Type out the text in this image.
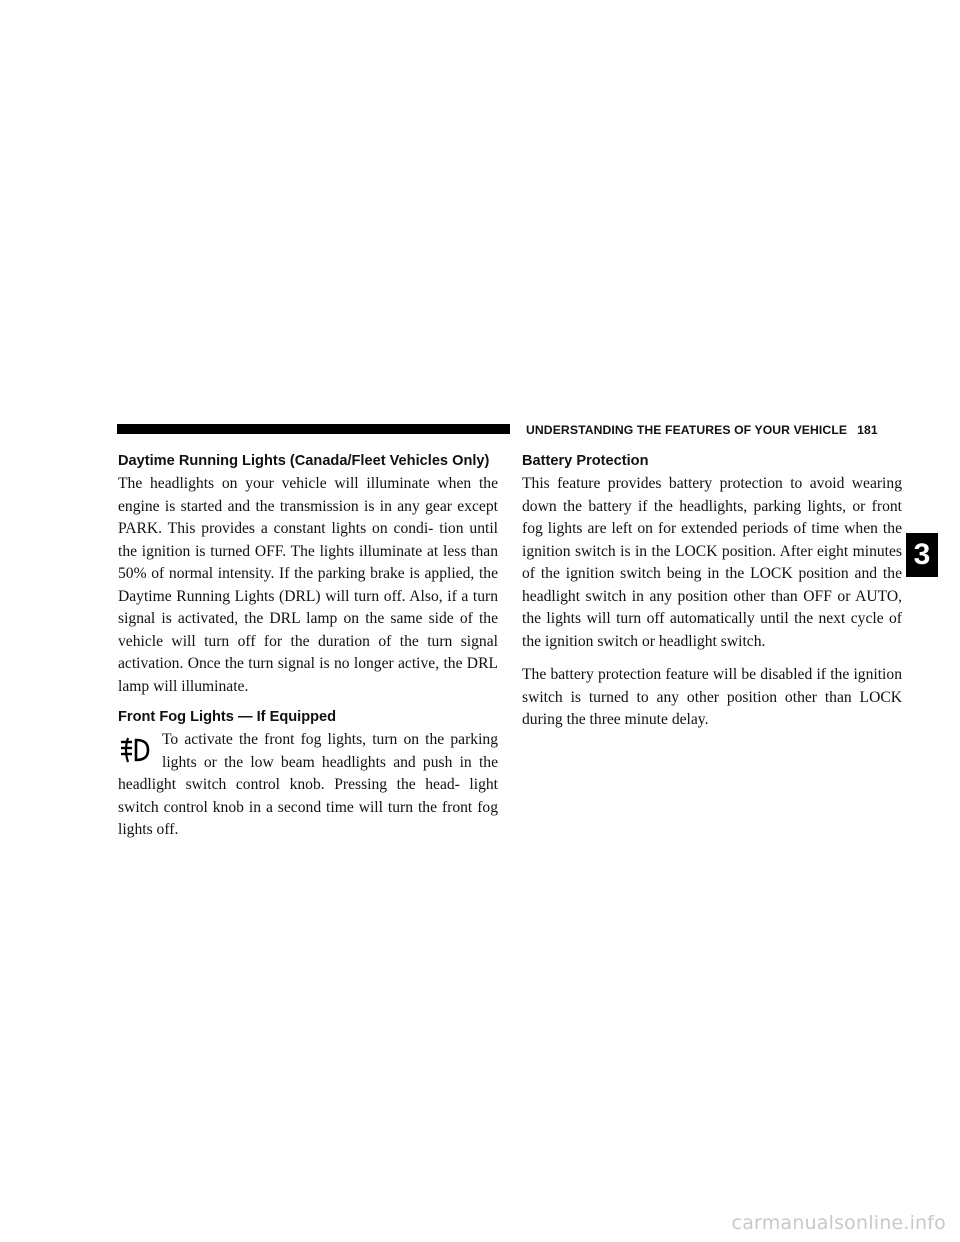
UNDERSTANDING THE FEATURES OF YOUR VEHICLE 181
Daytime Running Lights (Canada/Fleet Vehicles Only)

The headlights on your vehicle will illuminate when the engine is started and the transmission is in any gear except PARK. This provides a constant lights on condi- tion until the ignition is turned OFF. The lights illuminate at less than 50% of normal intensity. If the parking brake is applied, the Daytime Running Lights (DRL) will turn off. Also, if a turn signal is activated, the DRL lamp on the same side of the vehicle will turn off for the duration of the turn signal activation. Once the turn signal is no longer active, the DRL lamp will illuminate.

Front Fog Lights — If Equipped

To activate the front fog lights, turn on the parking lights or the low beam headlights and push in the headlight switch control knob. Pressing the head- light switch control knob in a second time will turn the front fog lights off.

Battery Protection

This feature provides battery protection to avoid wearing down the battery if the headlights, parking lights, or front fog lights are left on for extended periods of time when the ignition switch is in the LOCK position. After eight minutes of the ignition switch being in the LOCK position and the headlight switch in any position other than OFF or AUTO, the lights will turn off automatically until the next cycle of the ignition switch or headlight switch.

The battery protection feature will be disabled if the ignition switch is turned to any other position other than LOCK during the three minute delay.

3
carmanualsonline.info
